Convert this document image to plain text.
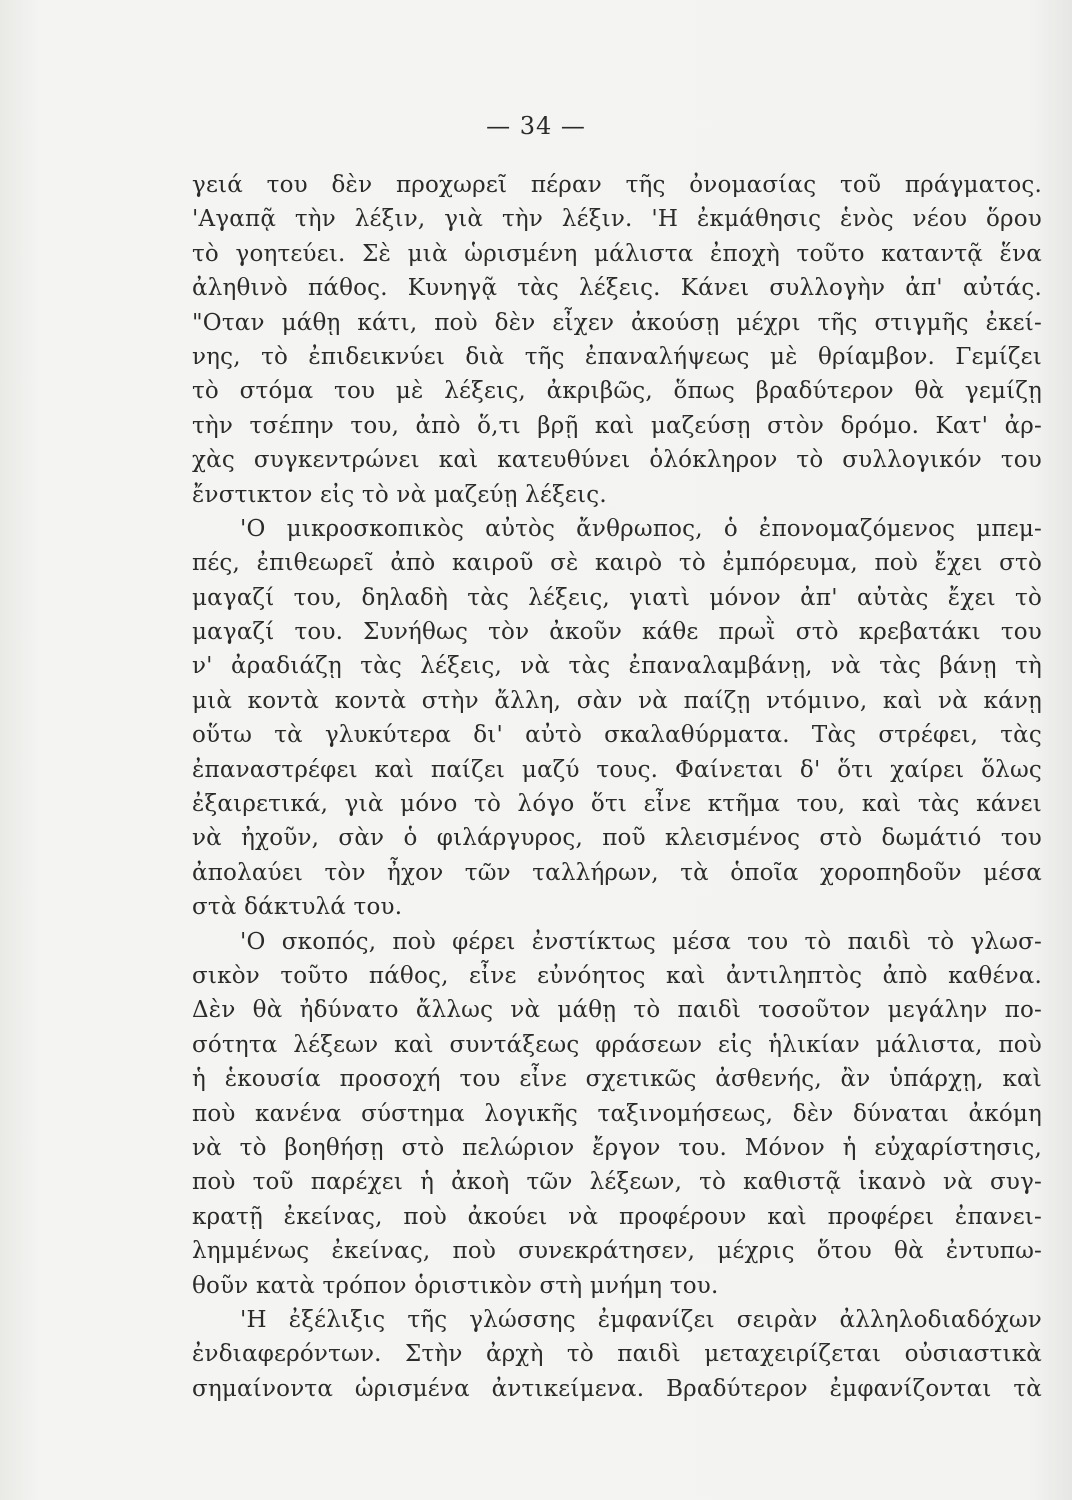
— 34 —
γειά του δὲν προχωρεῖ πέραν τῆς ὀνομασίας τοῦ πράγματος.
'Αγαπᾷ τὴν λέξιν, γιὰ τὴν λέξιν. 'Η ἐκμάθησις ἑνὸς νέου ὅρου
τὸ γοητεύει. Σὲ μιὰ ὡρισμένη μάλιστα ἐποχὴ τοῦτο καταντᾷ ἕνα
ἀληθινὸ πάθος. Κυνηγᾷ τὰς λέξεις. Κάνει συλλογὴν ἀπ' αὐτάς.
"Οταν μάθῃ κάτι, ποὺ δὲν εἶχεν ἀκούσῃ μέχρι τῆς στιγμῆς ἐκεί-
νης, τὸ ἐπιδεικνύει διὰ τῆς ἐπαναλήψεως μὲ θρίαμβον. Γεμίζει
τὸ στόμα του μὲ λέξεις, ἀκριβῶς, ὅπως βραδύτερον θὰ γεμίζῃ
τὴν τσέπην του, ἀπὸ ὅ,τι βρῇ καὶ μαζεύσῃ στὸν δρόμο. Κατ' ἀρ-
χὰς συγκεντρώνει καὶ κατευθύνει ὁλόκληρον τὸ συλλογικόν του
ἔνστικτον εἰς τὸ νὰ μαζεύῃ λέξεις.
'Ο μικροσκοπικὸς αὐτὸς ἄνθρωπος, ὁ ἐπονομαζόμενος μπεμ-
πές, ἐπιθεωρεῖ ἀπὸ καιροῦ σὲ καιρὸ τὸ ἐμπόρευμα, ποὺ ἔχει στὸ
μαγαζί του, δηλαδὴ τὰς λέξεις, γιατὶ μόνον ἀπ' αὐτὰς ἔχει τὸ
μαγαζί του. Συνήθως τὸν ἀκοῦν κάθε πρωῒ στὸ κρεβατάκι του
ν' ἀραδιάζῃ τὰς λέξεις, νὰ τὰς ἐπαναλαμβάνῃ, νὰ τὰς βάνῃ τὴ
μιὰ κοντὰ κοντὰ στὴν ἄλλη, σὰν νὰ παίζῃ ντόμινο, καὶ νὰ κάνῃ
οὕτω τὰ γλυκύτερα δι' αὐτὸ σκαλαθύρματα. Τὰς στρέφει, τὰς
ἐπαναστρέφει καὶ παίζει μαζύ τους. Φαίνεται δ' ὅτι χαίρει ὅλως
ἐξαιρετικά, γιὰ μόνο τὸ λόγο ὅτι εἶνε κτῆμα του, καὶ τὰς κάνει
νὰ ἠχοῦν, σὰν ὁ φιλάργυρος, ποῦ κλεισμένος στὸ δωμάτιό του
ἀπολαύει τὸν ἦχον τῶν ταλλήρων, τὰ ὁποῖα χοροπηδοῦν μέσα
στὰ δάκτυλά του.
'Ο σκοπός, ποὺ φέρει ἐνστίκτως μέσα του τὸ παιδὶ τὸ γλωσ-
σικὸν τοῦτο πάθος, εἶνε εὐνόητος καὶ ἀντιληπτὸς ἀπὸ καθένα.
Δὲν θὰ ἠδύνατο ἄλλως νὰ μάθῃ τὸ παιδὶ τοσοῦτον μεγάλην πο-
σότητα λέξεων καὶ συντάξεως φράσεων εἰς ἡλικίαν μάλιστα, ποὺ
ἡ ἑκουσία προσοχή του εἶνε σχετικῶς ἀσθενής, ἂν ὑπάρχῃ, καὶ
ποὺ κανένα σύστημα λογικῆς ταξινομήσεως, δὲν δύναται ἀκόμη
νὰ τὸ βοηθήσῃ στὸ πελώριον ἔργον του. Μόνον ἡ εὐχαρίστησις,
ποὺ τοῦ παρέχει ἡ ἀκοὴ τῶν λέξεων, τὸ καθιστᾷ ἱκανὸ νὰ συγ-
κρατῇ ἐκείνας, ποὺ ἀκούει νὰ προφέρουν καὶ προφέρει ἐπανει-
λημμένως ἐκείνας, ποὺ συνεκράτησεν, μέχρις ὅτου θὰ ἐντυπω-
θοῦν κατὰ τρόπον ὁριστικὸν στὴ μνήμη του.
'Η ἐξέλιξις τῆς γλώσσης ἐμφανίζει σειρὰν ἀλληλοδιαδόχων
ἐνδιαφερόντων. Στὴν ἀρχὴ τὸ παιδὶ μεταχειρίζεται οὐσιαστικὰ
σημαίνοντα ὡρισμένα ἀντικείμενα. Βραδύτερον ἐμφανίζονται τὰ
